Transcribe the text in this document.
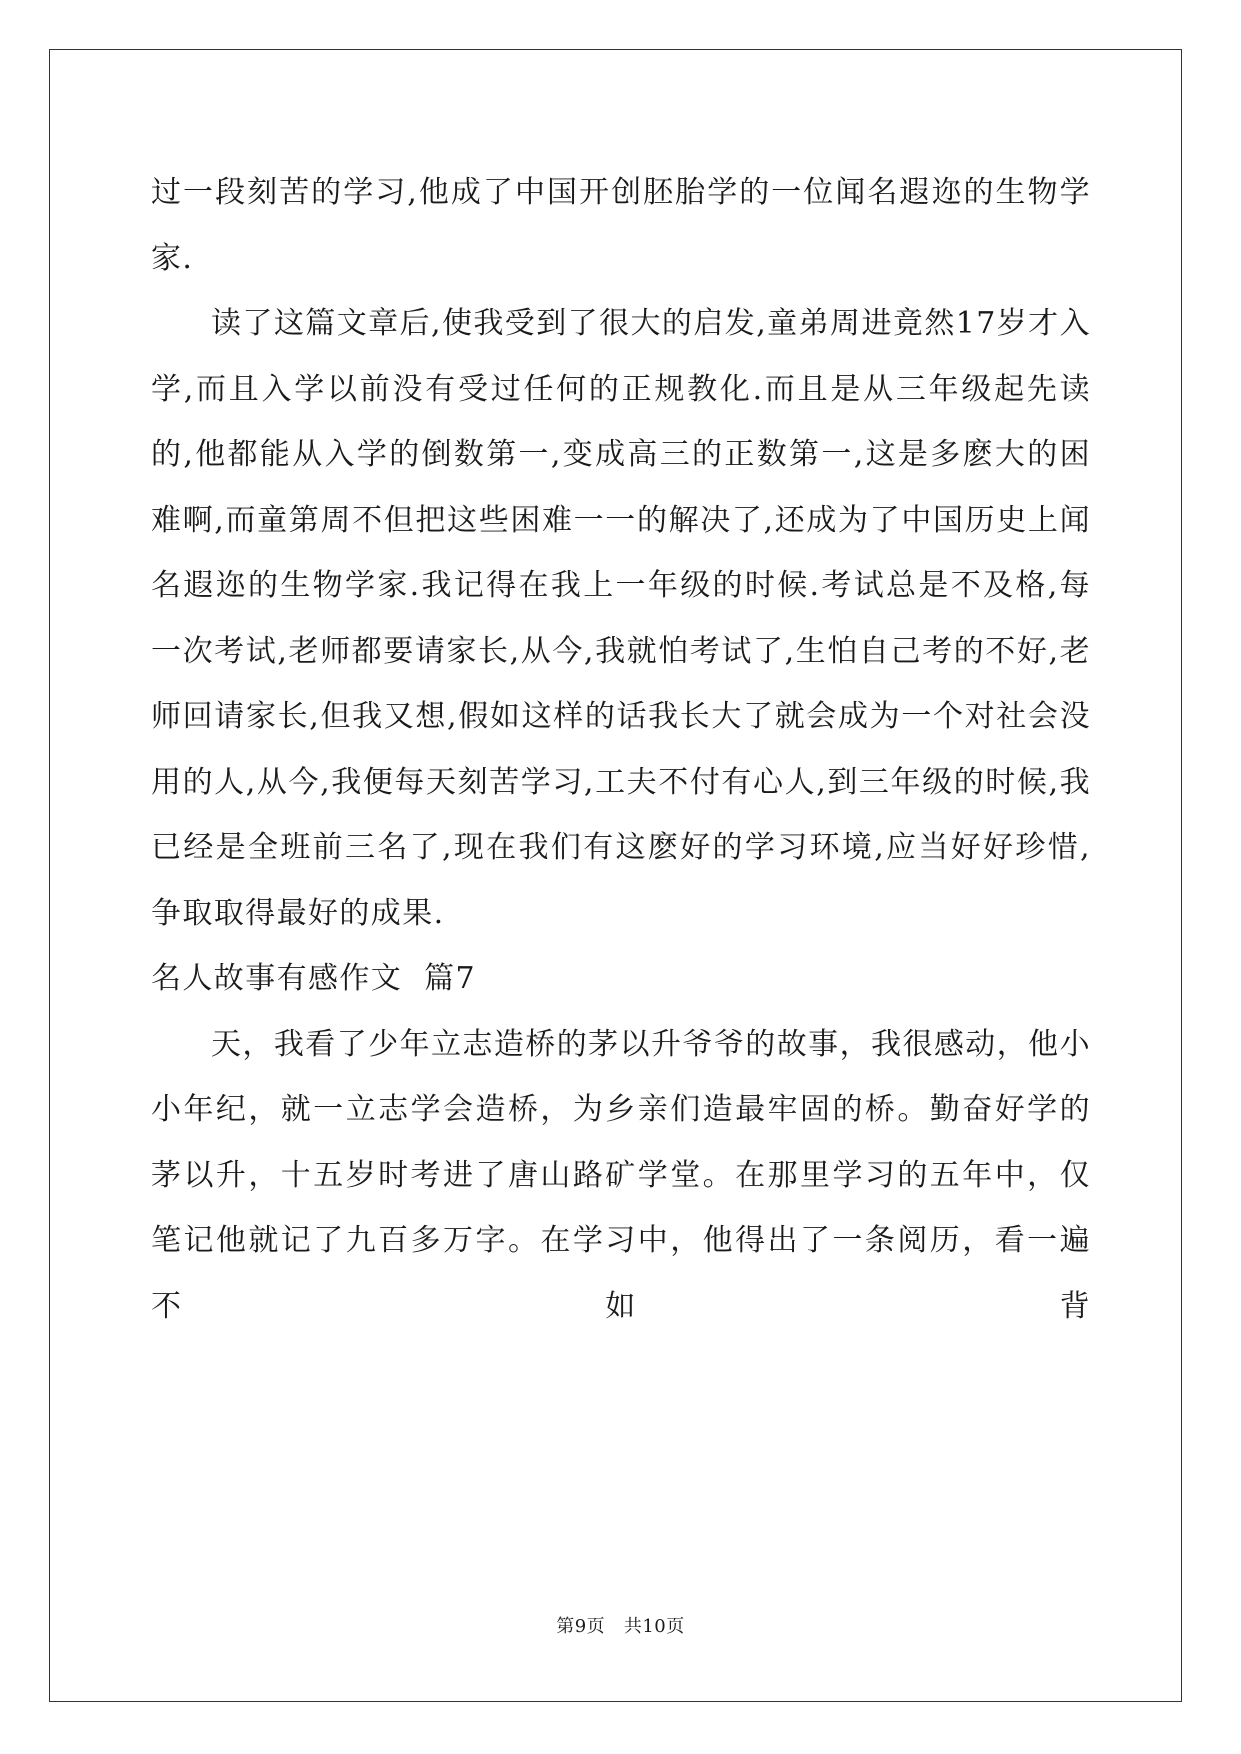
过一段刻苦的学习,他成了中国开创胚胎学的一位闻名遐迩的生物学家.

读了这篇文章后,使我受到了很大的启发,童弟周进竟然17岁才入学,而且入学以前没有受过任何的正规教化.而且是从三年级起先读的,他都能从入学的倒数第一,变成高三的正数第一,这是多麽大的困难啊,而童第周不但把这些困难一一的解决了,还成为了中国历史上闻名遐迩的生物学家.我记得在我上一年级的时候.考试总是不及格,每一次考试,老师都要请家长,从今,我就怕考试了,生怕自己考的不好,老师回请家长,但我又想,假如这样的话我长大了就会成为一个对社会没用的人,从今,我便每天刻苦学习,工夫不付有心人,到三年级的时候,我已经是全班前三名了,现在我们有这麽好的学习环境,应当好好珍惜,争取取得最好的成果.

名人故事有感作文  篇7

天，我看了少年立志造桥的茅以升爷爷的故事，我很感动，他小小年纪，就一立志学会造桥，为乡亲们造最牢固的桥。勤奋好学的茅以升，十五岁时考进了唐山路矿学堂。在那里学习的五年中，仅笔记他就记了九百多万字。在学习中，他得出了一条阅历，看一遍不如背

第9页   共10页
